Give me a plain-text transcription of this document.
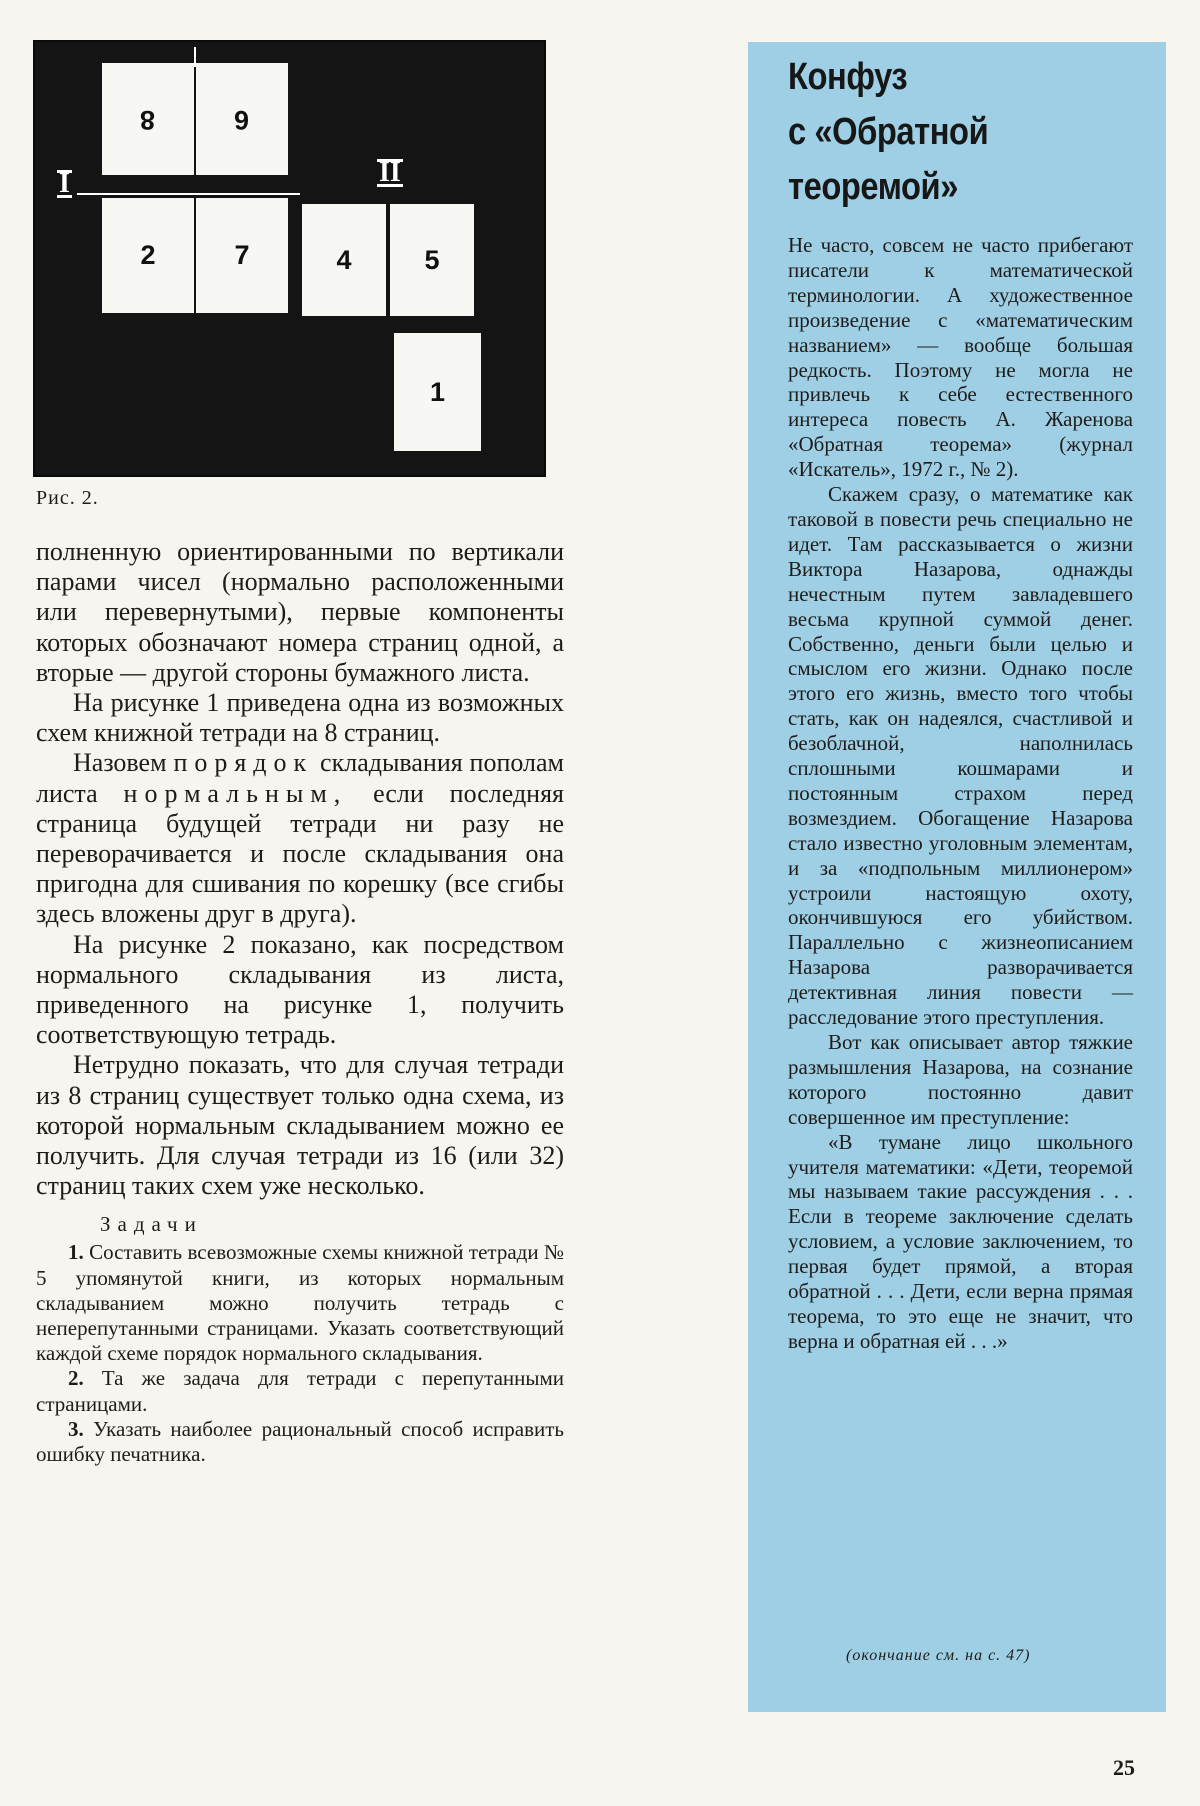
8	6
2	7	4	5
1
I	II
Рис. 2.

полненную ориентированными по вертикали парами чисел (нормально расположенными или перевернутыми), первые компоненты которых обозначают номера страниц одной, а вторые — другой стороны бумажного листа.

На рисунке 1 приведена одна из возможных схем книжной тетради на 8 страниц.

Назовем порядок складывания пополам листа нормальным, если последняя страница будущей тетради ни разу не переворачивается и после складывания она пригодна для сшивания по корешку (все сгибы здесь вложены друг в друга).

На рисунке 2 показано, как посредством нормального складывания из листа, приведенного на рисунке 1, получить соответствующую тетрадь.

Нетрудно показать, что для случая тетради из 8 страниц существует только одна схема, из которой нормальным складыванием можно ее получить. Для случая тетради из 16 (или 32) страниц таких схем уже несколько.

Задачи

1. Составить всевозможные схемы книжной тетради № 5 упомянутой книги, из которых нормальным складыванием можно получить тетрадь с неперепутанными страницами. Указать соответствующий каждой схеме порядок нормального складывания.

2. Та же задача для тетради с перепутанными страницами.

3. Указать наиболее рациональный способ исправить ошибку печатника.

Конфуз
с «Обратной
теоремой»

Не часто, совсем не часто прибегают писатели к математической терминологии. А художественное произведение с «математическим названием» — вообще большая редкость. Поэтому не могла не привлечь к себе естественного интереса повесть А. Жаренова «Обратная теорема» (журнал «Искатель», 1972 г., № 2).

Скажем сразу, о математике как таковой в повести речь специально не идет. Там рассказывается о жизни Виктора Назарова, однажды нечестным путем завладевшего весьма крупной суммой денег. Собственно, деньги были целью и смыслом его жизни. Однако после этого его жизнь, вместо того чтобы стать, как он надеялся, счастливой и безоблачной, наполнилась сплошными кошмарами и постоянным страхом перед возмездием. Обогащение Назарова стало известно уголовным элементам, и за «подпольным миллионером» устроили настоящую охоту, окончившуюся его убийством. Параллельно с жизнеописанием Назарова разворачивается детективная линия повести — расследование этого преступления.

Вот как описывает автор тяжкие размышления Назарова, на сознание которого постоянно давит совершенное им преступление:

«В тумане лицо школьного учителя математики: «Дети, теоремой мы называем такие рассуждения . . . Если в теореме заключение сделать условием, а условие заключением, то первая будет прямой, а вторая обратной . . . Дети, если верна прямая теорема, то это еще не значит, что верна и обратная ей . . .»

(окончание см. на с. 47)
25
